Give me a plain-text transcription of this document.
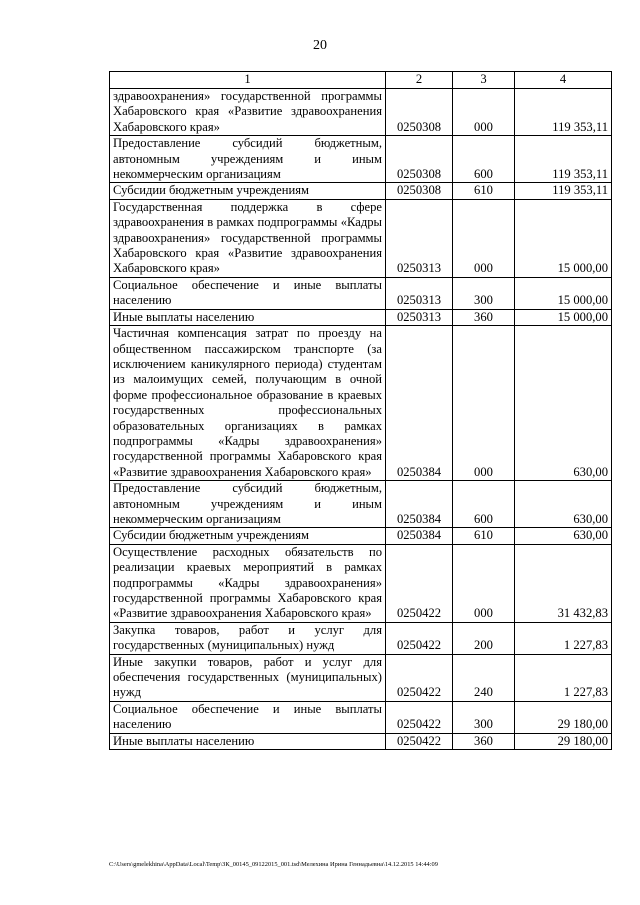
20
1	2	3	4
здравоохранения» государственной программы Хабаровского края «Развитие здравоохранения Хабаровского края»	0250308	000	119 353,11
Предоставление субсидий бюджетным, автономным учреждениям и иным некоммерческим организациям	0250308	600	119 353,11
Субсидии бюджетным учреждениям	0250308	610	119 353,11
Государственная поддержка в сфере здравоохранения в рамках подпрограммы «Кадры здравоохранения» государственной программы Хабаровского края «Развитие здравоохранения Хабаровского края»	0250313	000	15 000,00
Социальное обеспечение и иные выплаты населению	0250313	300	15 000,00
Иные выплаты населению	0250313	360	15 000,00
Частичная компенсация затрат по проезду на общественном пассажирском транспорте (за исключением каникулярного периода) студентам из малоимущих семей, получающим в очной форме профессиональное образование в краевых государственных профессиональных образовательных организациях в рамках подпрограммы «Кадры здравоохранения» государственной программы Хабаровского края «Развитие здравоохранения Хабаровского края»	0250384	000	630,00
Предоставление субсидий бюджетным, автономным учреждениям и иным некоммерческим организациям	0250384	600	630,00
Субсидии бюджетным учреждениям	0250384	610	630,00
Осуществление расходных обязательств по реализации краевых мероприятий в рамках подпрограммы «Кадры здравоохранения» государственной программы Хабаровского края «Развитие здравоохранения Хабаровского края»	0250422	000	31 432,83
Закупка товаров, работ и услуг для государственных (муниципальных) нужд	0250422	200	1 227,83
Иные закупки товаров, работ и услуг для обеспечения государственных (муниципальных) нужд	0250422	240	1 227,83
Социальное обеспечение и иные выплаты населению	0250422	300	29 180,00
Иные выплаты населению	0250422	360	29 180,00
C:\Users\gmelekhina\AppData\Local\Temp\ЗК_00145_09122015_001.tsd\Мелехина Ирина Геннадьевна\14.12.2015 14:44:09
